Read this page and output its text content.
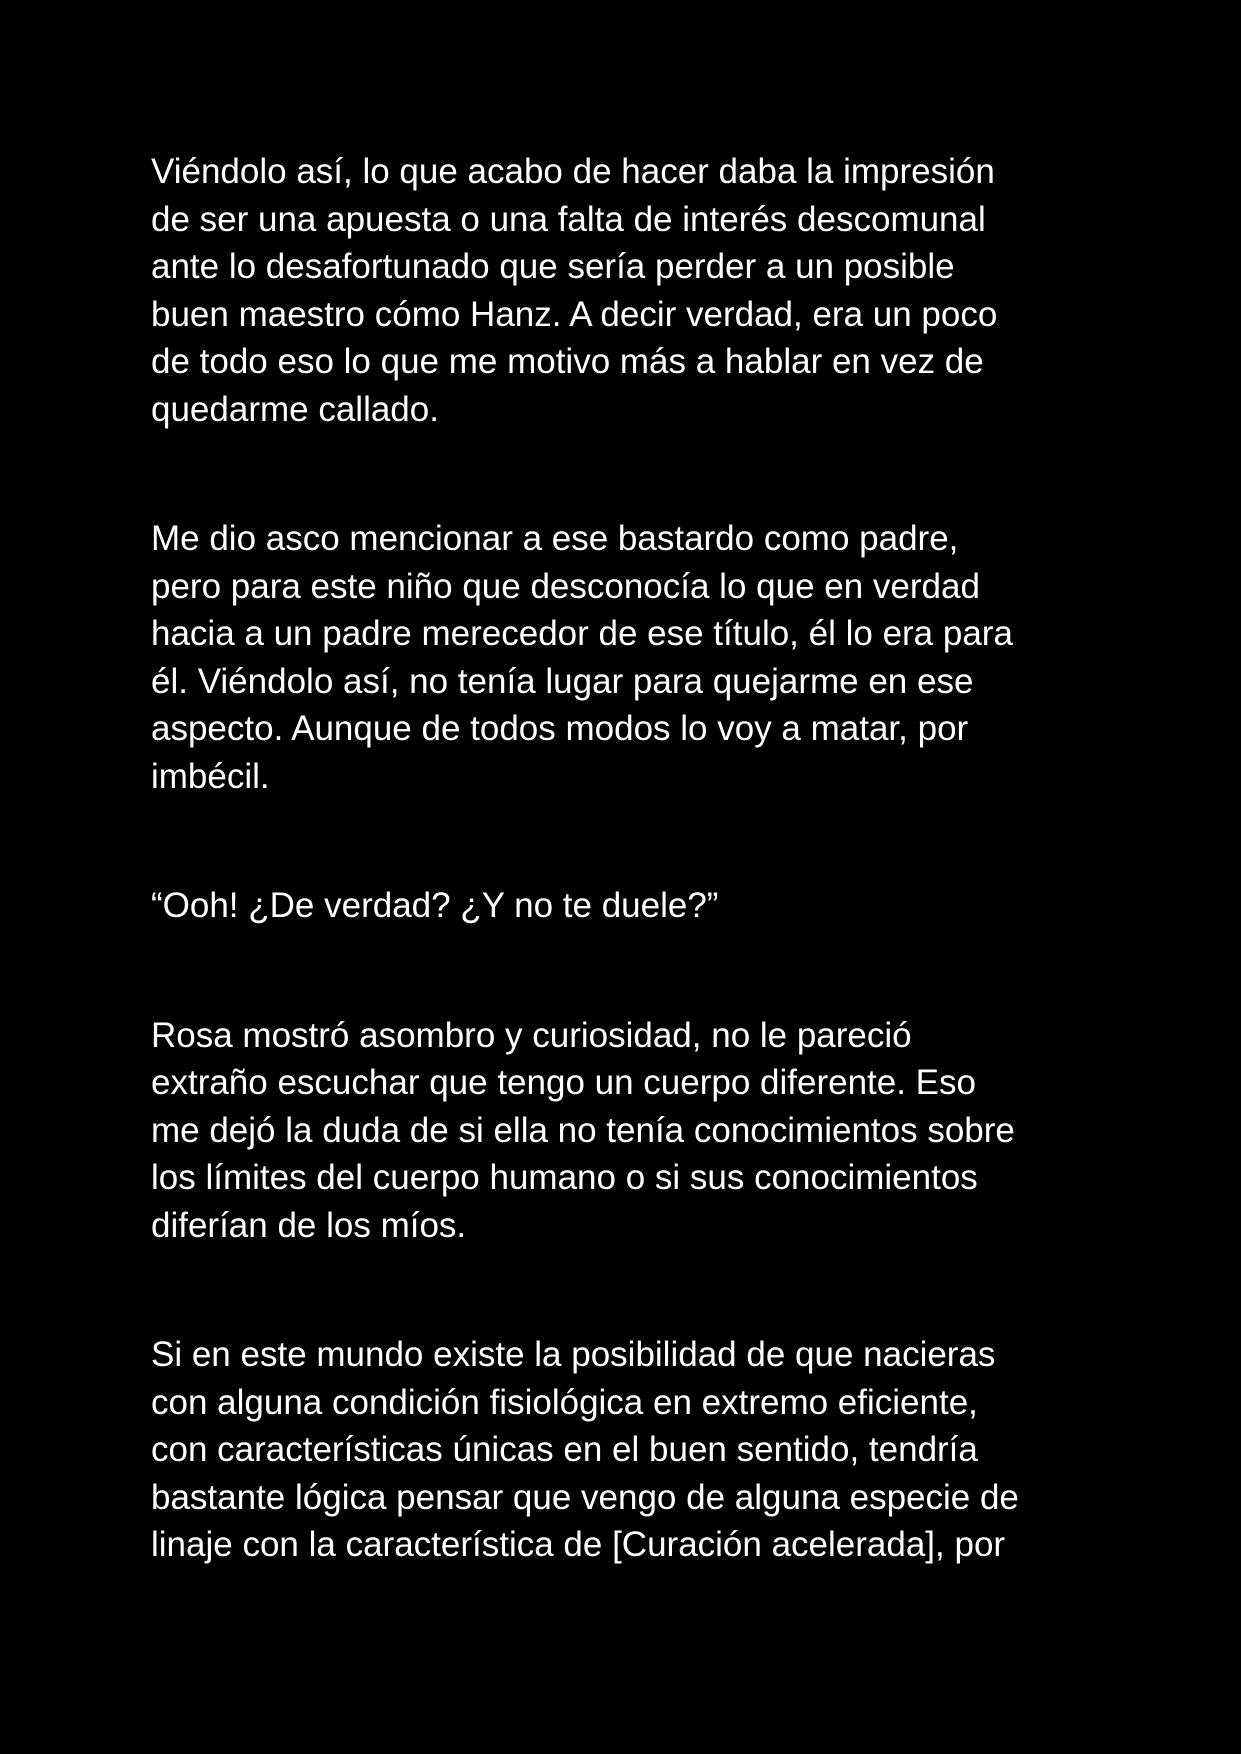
Viéndolo así, lo que acabo de hacer daba la impresión
de ser una apuesta o una falta de interés descomunal
ante lo desafortunado que sería perder a un posible
buen maestro cómo Hanz. A decir verdad, era un poco
de todo eso lo que me motivo más a hablar en vez de
quedarme callado.

Me dio asco mencionar a ese bastardo como padre,
pero para este niño que desconocía lo que en verdad
hacia a un padre merecedor de ese título, él lo era para
él. Viéndolo así, no tenía lugar para quejarme en ese
aspecto. Aunque de todos modos lo voy a matar, por
imbécil.

“Ooh! ¿De verdad? ¿Y no te duele?”

Rosa mostró asombro y curiosidad, no le pareció
extraño escuchar que tengo un cuerpo diferente. Eso
me dejó la duda de si ella no tenía conocimientos sobre
los límites del cuerpo humano o si sus conocimientos
diferían de los míos.

Si en este mundo existe la posibilidad de que nacieras
con alguna condición fisiológica en extremo eficiente,
con características únicas en el buen sentido, tendría
bastante lógica pensar que vengo de alguna especie de
linaje con la característica de [Curación acelerada], por
